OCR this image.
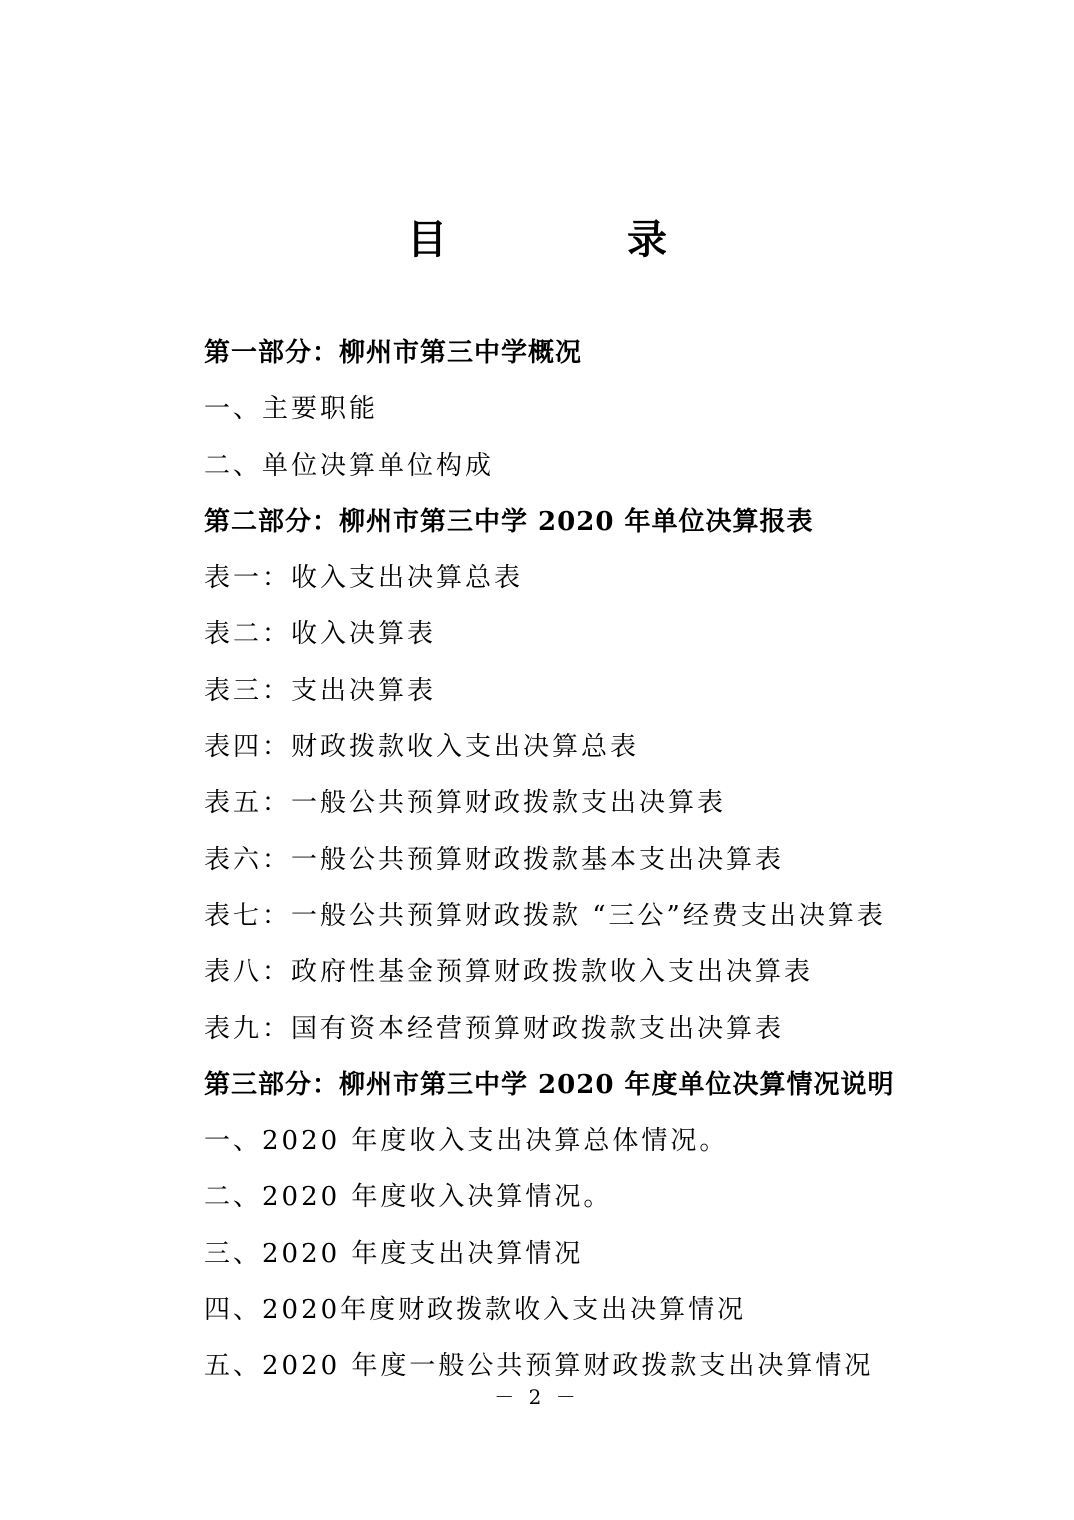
目　录
第一部分：柳州市第三中学概况
一、主要职能
二、单位决算单位构成
第二部分：柳州市第三中学 2020 年单位决算报表
表一：收入支出决算总表
表二：收入决算表
表三：支出决算表
表四：财政拨款收入支出决算总表
表五：一般公共预算财政拨款支出决算表
表六：一般公共预算财政拨款基本支出决算表
表七：一般公共预算财政拨款 “三公”经费支出决算表
表八：政府性基金预算财政拨款收入支出决算表
表九：国有资本经营预算财政拨款支出决算表
第三部分：柳州市第三中学 2020 年度单位决算情况说明
一、2020 年度收入支出决算总体情况。
二、2020 年度收入决算情况。
三、2020 年度支出决算情况
四、2020年度财政拨款收入支出决算情况
五、2020 年度一般公共预算财政拨款支出决算情况
－ 2 －
